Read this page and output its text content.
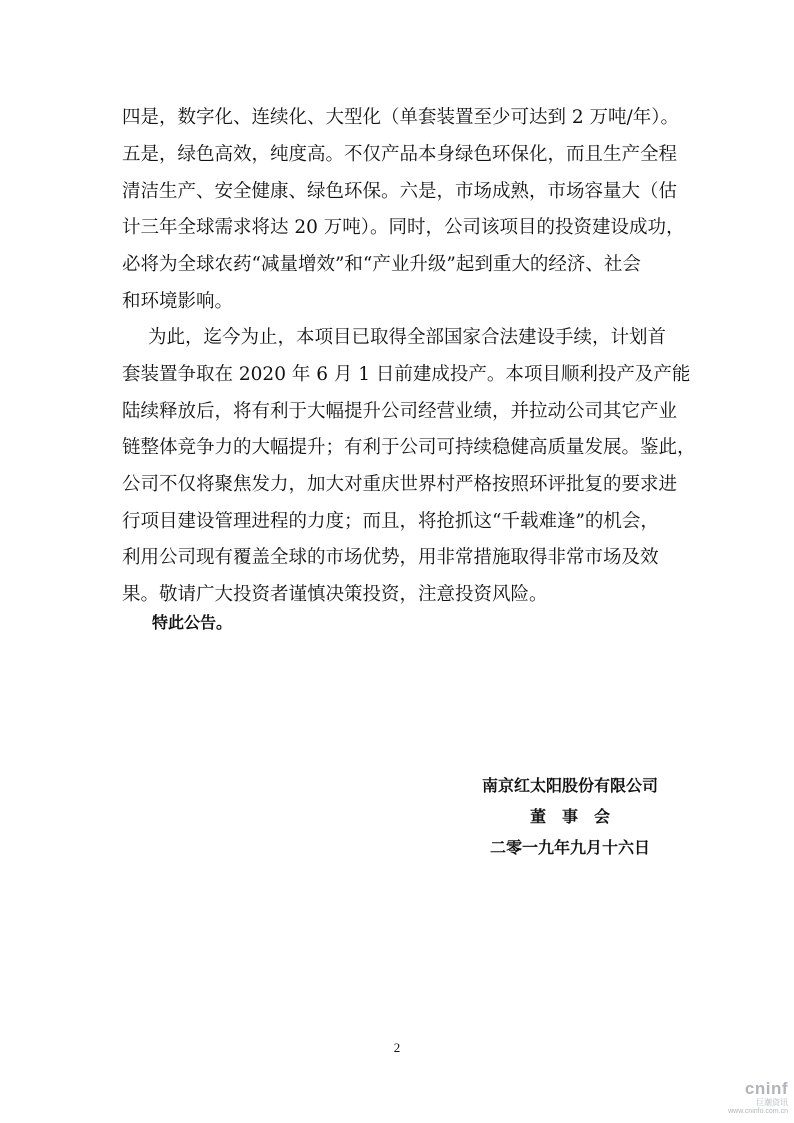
四是，数字化、连续化、大型化（单套装置至少可达到 2 万吨/年）。
五是，绿色高效，纯度高。不仅产品本身绿色环保化，而且生产全程
清洁生产、安全健康、绿色环保。六是，市场成熟，市场容量大（估
计三年全球需求将达 20 万吨）。同时，公司该项目的投资建设成功，
必将为全球农药“减量增效”和“产业升级”起到重大的经济、社会
和环境影响。
为此，迄今为止，本项目已取得全部国家合法建设手续，计划首
套装置争取在 2020 年 6 月 1 日前建成投产。本项目顺利投产及产能
陆续释放后，将有利于大幅提升公司经营业绩，并拉动公司其它产业
链整体竞争力的大幅提升；有利于公司可持续稳健高质量发展。鉴此，
公司不仅将聚焦发力，加大对重庆世界村严格按照环评批复的要求进
行项目建设管理进程的力度；而且，将抢抓这“千载难逢”的机会，
利用公司现有覆盖全球的市场优势，用非常措施取得非常市场及效
果。敬请广大投资者谨慎决策投资，注意投资风险。
特此公告。
南京红太阳股份有限公司
董　事　会
二零一九年九月十六日
2
cninf
巨潮资讯
www.cninfo.com.cn
